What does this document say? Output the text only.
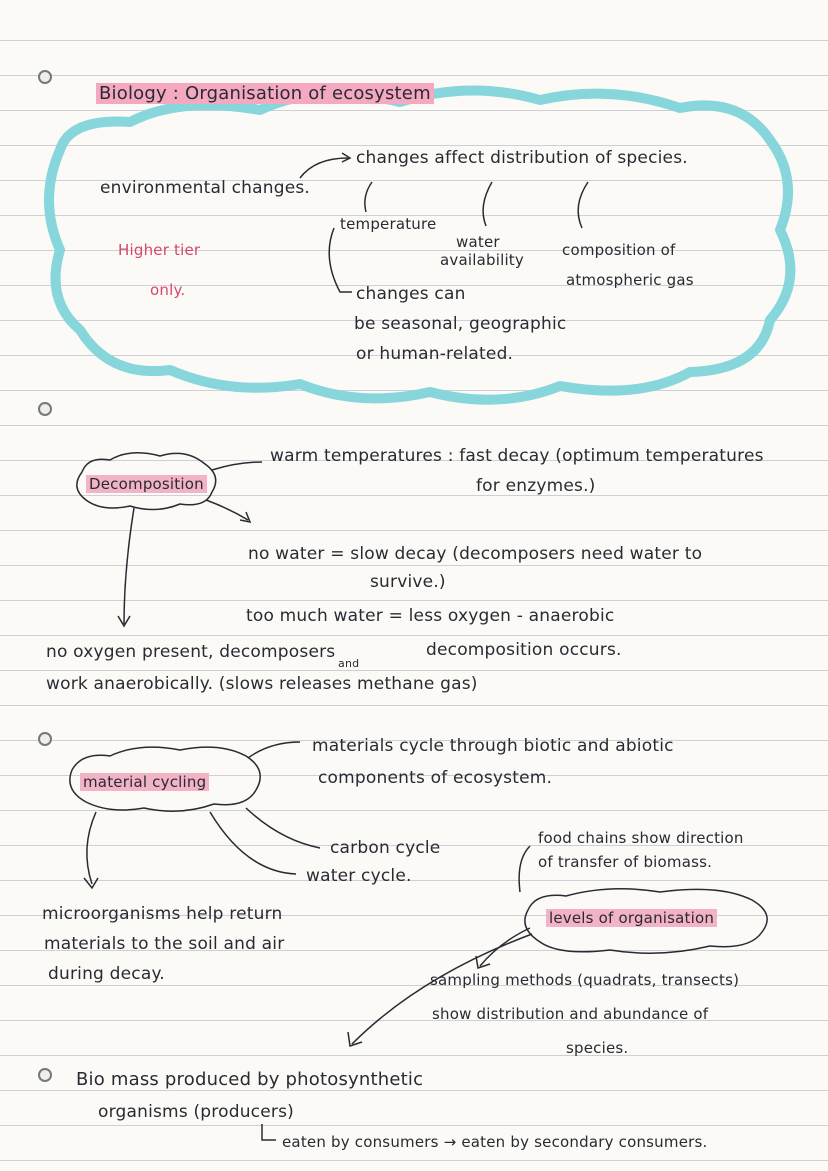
Biology : Organisation of ecosystem
environmental changes.
changes affect distribution of species.
temperature
water
availability
composition of
atmospheric gas
Higher tier
only.	changes can
be seasonal, geographic
or human-related.
Decomposition
warm temperatures : fast decay (optimum temperatures
for enzymes.)
no water = slow decay (decomposers need water to
survive.)
too much water = less oxygen - anaerobic
decomposition occurs.
no oxygen present, decomposers
and
work anaerobically. (slows releases methane gas)
material cycling
materials cycle through biotic and abiotic
components of ecosystem.
carbon cycle
water cycle.
microorganisms help return
materials to the soil and air
during decay.
food chains show direction
of transfer of biomass.
levels of organisation
sampling methods (quadrats, transects)
show distribution and abundance of
species.
Bio mass produced by photosynthetic
organisms (producers)
eaten by consumers → eaten by secondary consumers.
